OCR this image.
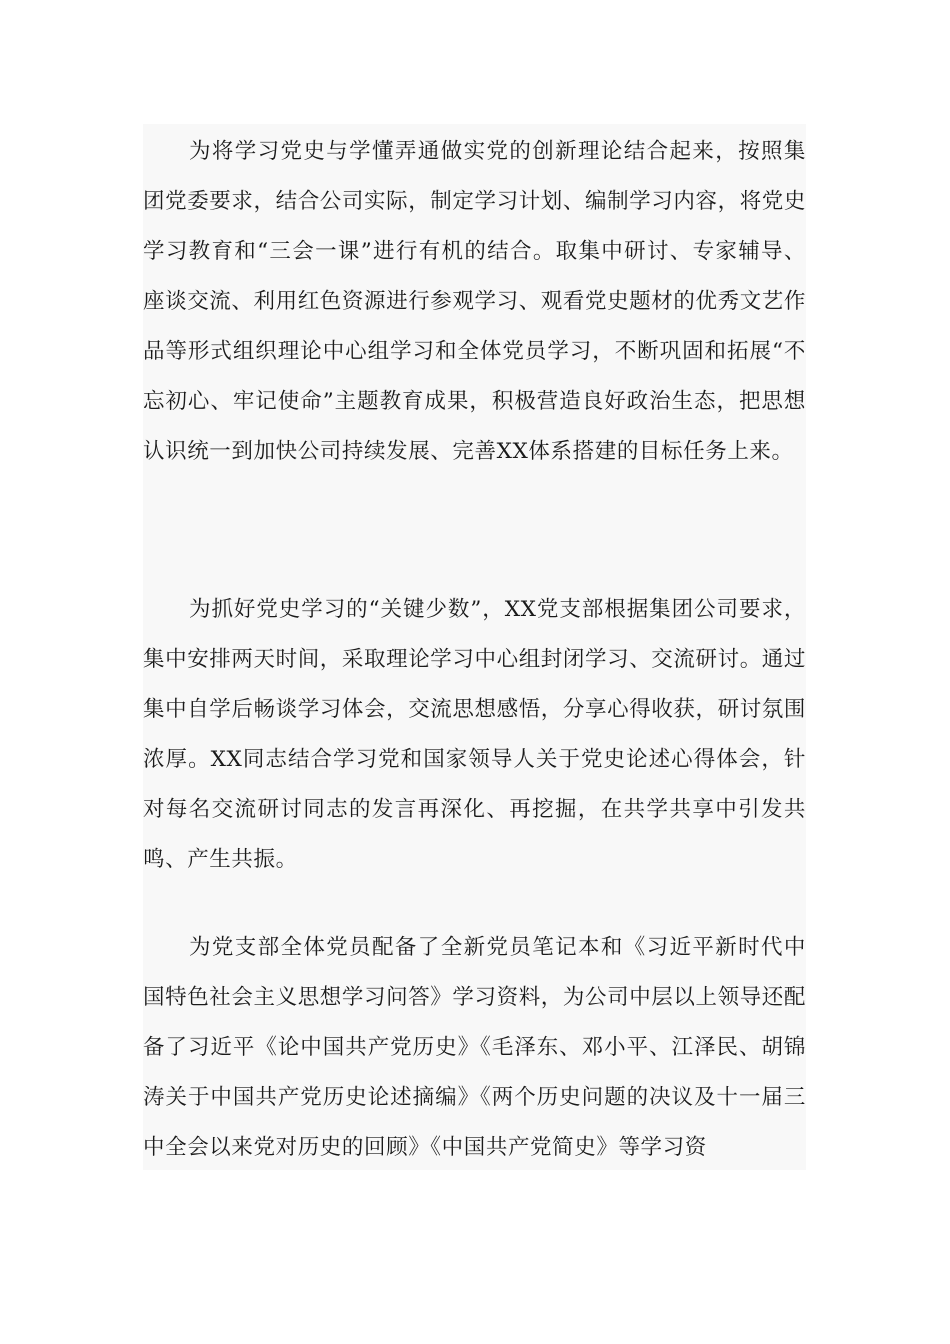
为将学习党史与学懂弄通做实党的创新理论结合起来，按照集团党委要求，结合公司实际，制定学习计划、编制学习内容，将党史学习教育和“三会一课”进行有机的结合。取集中研讨、专家辅导、座谈交流、利用红色资源进行参观学习、观看党史题材的优秀文艺作品等形式组织理论中心组学习和全体党员学习，不断巩固和拓展“不忘初心、牢记使命”主题教育成果，积极营造良好政治生态，把思想认识统一到加快公司持续发展、完善XX体系搭建的目标任务上来。

为抓好党史学习的“关键少数”，XX党支部根据集团公司要求，集中安排两天时间，采取理论学习中心组封闭学习、交流研讨。通过集中自学后畅谈学习体会，交流思想感悟，分享心得收获，研讨氛围浓厚。XX同志结合学习党和国家领导人关于党史论述心得体会，针对每名交流研讨同志的发言再深化、再挖掘，在共学共享中引发共鸣、产生共振。

为党支部全体党员配备了全新党员笔记本和《习近平新时代中国特色社会主义思想学习问答》学习资料，为公司中层以上领导还配备了习近平《论中国共产党历史》《毛泽东、邓小平、江泽民、胡锦涛关于中国共产党历史论述摘编》《两个历史问题的决议及十一届三中全会以来党对历史的回顾》《中国共产党简史》等学习资
